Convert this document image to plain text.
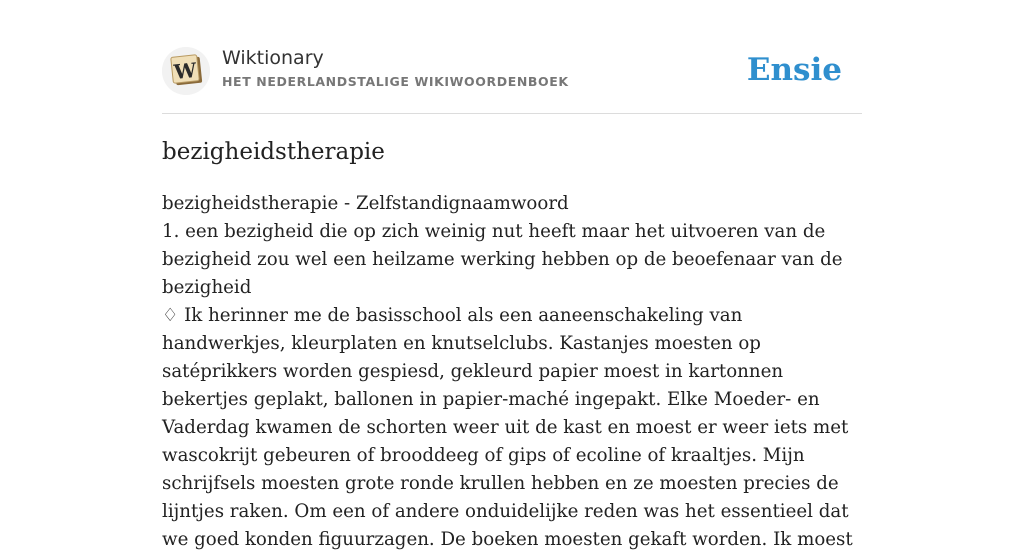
W Wiktionary
HET NEDERLANDSTALIGE WIKIWOORDENBOEK	Ensie
bezigheidstherapie

bezigheidstherapie - Zelfstandignaamwoord

1. een bezigheid die op zich weinig nut heeft maar het uitvoeren van de bezigheid zou wel een heilzame werking hebben op de beoefenaar van de bezigheid

♢ Ik herinner me de basisschool als een aaneenschakeling van handwerkjes, kleurplaten en knutselclubs. Kastanjes moesten op satéprikkers worden gespiesd, gekleurd papier moest in kartonnen bekertjes geplakt, ballonen in papier-maché ingepakt. Elke Moeder- en Vaderdag kwamen de schorten weer uit de kast en moest er weer iets met wascokrijt gebeuren of brooddeeg of gips of ecoline of kraaltjes. Mijn schrijfsels moesten grote ronde krullen hebben en ze moesten precies de lijntjes raken. Om een of andere onduidelijke reden was het essentieel dat we goed konden figuurzagen. De boeken moesten gekaft worden. Ik moest
